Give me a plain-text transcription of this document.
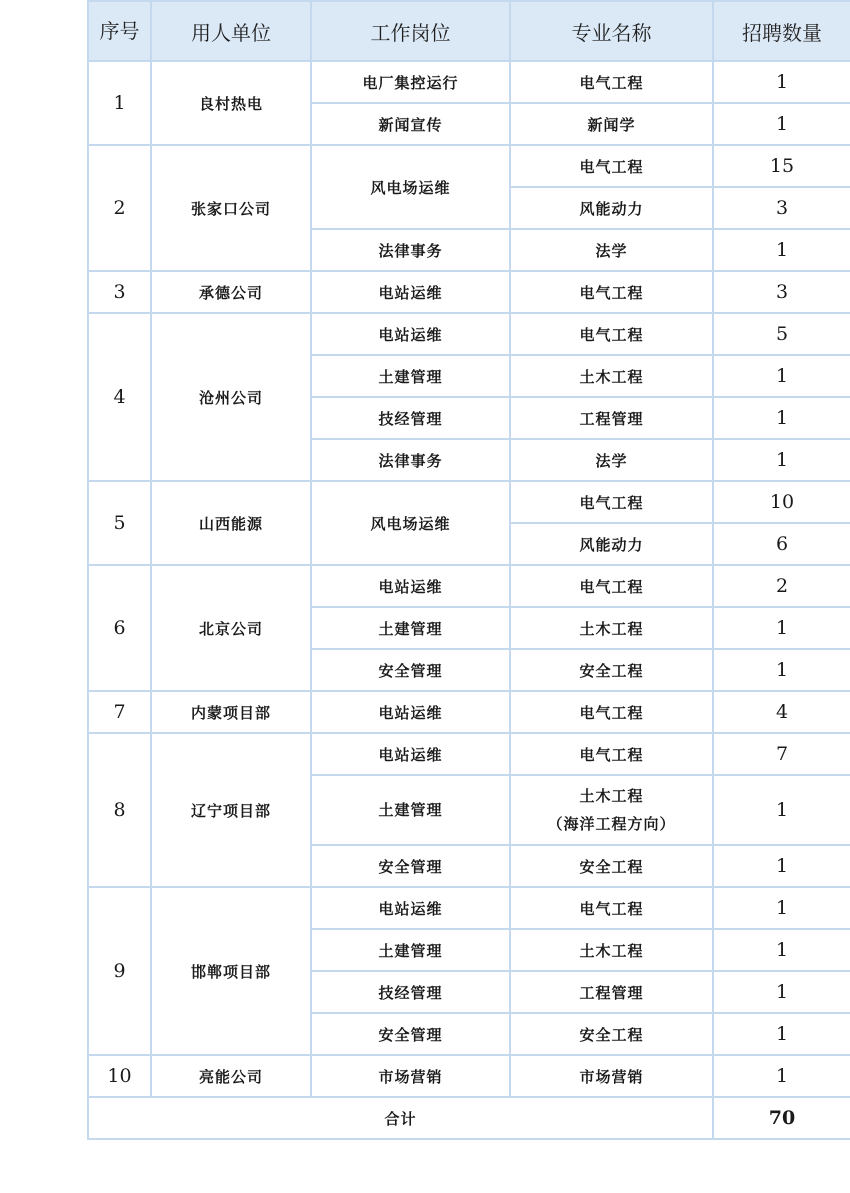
序号	用人单位	工作岗位	专业名称	招聘数量
1	良村热电	电厂集控运行	电气工程	1
		新闻宣传	新闻学	1
2	张家口公司	风电场运维	电气工程	15
			风能动力	3
		法律事务	法学	1
3	承德公司	电站运维	电气工程	3
4	沧州公司	电站运维	电气工程	5
		土建管理	土木工程	1
		技经管理	工程管理	1
		法律事务	法学	1
5	山西能源	风电场运维	电气工程	10
			风能动力	6
6	北京公司	电站运维	电气工程	2
		土建管理	土木工程	1
		安全管理	安全工程	1
7	内蒙项目部	电站运维	电气工程	4
8	辽宁项目部	电站运维	电气工程	7
		土建管理	土木工程
（海洋工程方向）	1
		安全管理	安全工程	1
9	邯郸项目部	电站运维	电气工程	1
		土建管理	土木工程	1
		技经管理	工程管理	1
		安全管理	安全工程	1
10	亮能公司	市场营销	市场营销	1
合计				70
